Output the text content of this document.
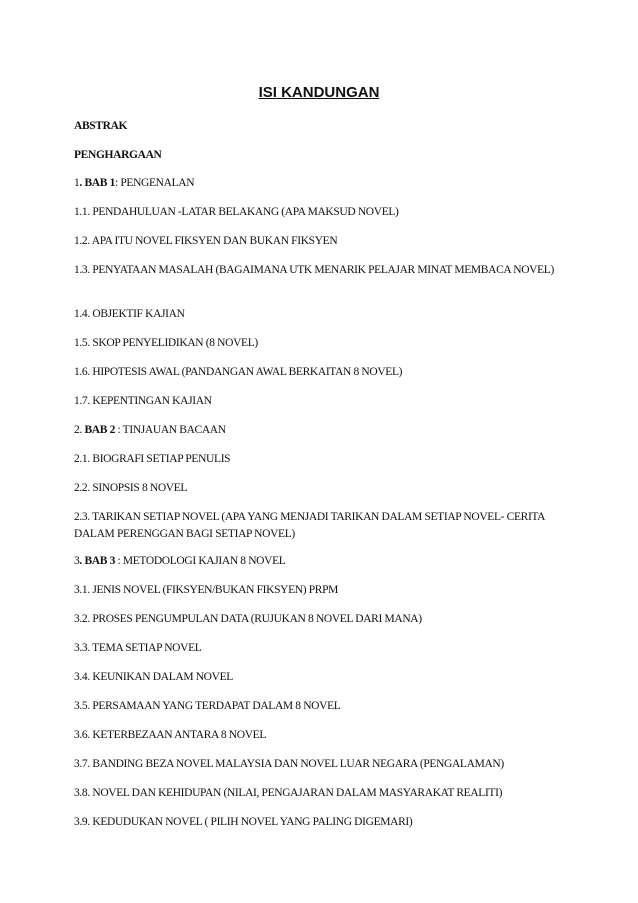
ISI KANDUNGAN
ABSTRAK
PENGHARGAAN
1. BAB 1: PENGENALAN
1.1. PENDAHULUAN -LATAR BELAKANG (APA MAKSUD NOVEL)
1.2. APA ITU NOVEL FIKSYEN DAN BUKAN FIKSYEN
1.3. PENYATAAN MASALAH (BAGAIMANA UTK MENARIK PELAJAR MINAT MEMBACA NOVEL)
1.4. OBJEKTIF KAJIAN
1.5. SKOP PENYELIDIKAN (8 NOVEL)
1.6. HIPOTESIS AWAL (PANDANGAN AWAL BERKAITAN 8 NOVEL)
1.7. KEPENTINGAN KAJIAN
2. BAB 2 : TINJAUAN BACAAN
2.1. BIOGRAFI SETIAP PENULIS
2.2. SINOPSIS 8 NOVEL
2.3. TARIKAN SETIAP NOVEL (APA YANG MENJADI TARIKAN DALAM SETIAP NOVEL- CERITA DALAM PERENGGAN BAGI SETIAP NOVEL)
3. BAB 3 : METODOLOGI KAJIAN 8 NOVEL
3.1. JENIS NOVEL (FIKSYEN/BUKAN FIKSYEN) PRPM
3.2. PROSES PENGUMPULAN DATA (RUJUKAN 8 NOVEL DARI MANA)
3.3. TEMA SETIAP NOVEL
3.4. KEUNIKAN DALAM NOVEL
3.5. PERSAMAAN YANG TERDAPAT DALAM 8 NOVEL
3.6. KETERBEZAAN ANTARA 8 NOVEL
3.7. BANDING BEZA NOVEL MALAYSIA DAN NOVEL LUAR NEGARA (PENGALAMAN)
3.8. NOVEL DAN KEHIDUPAN (NILAI, PENGAJARAN DALAM MASYARAKAT REALITI)
3.9. KEDUDUKAN NOVEL ( PILIH NOVEL YANG PALING DIGEMARI)
